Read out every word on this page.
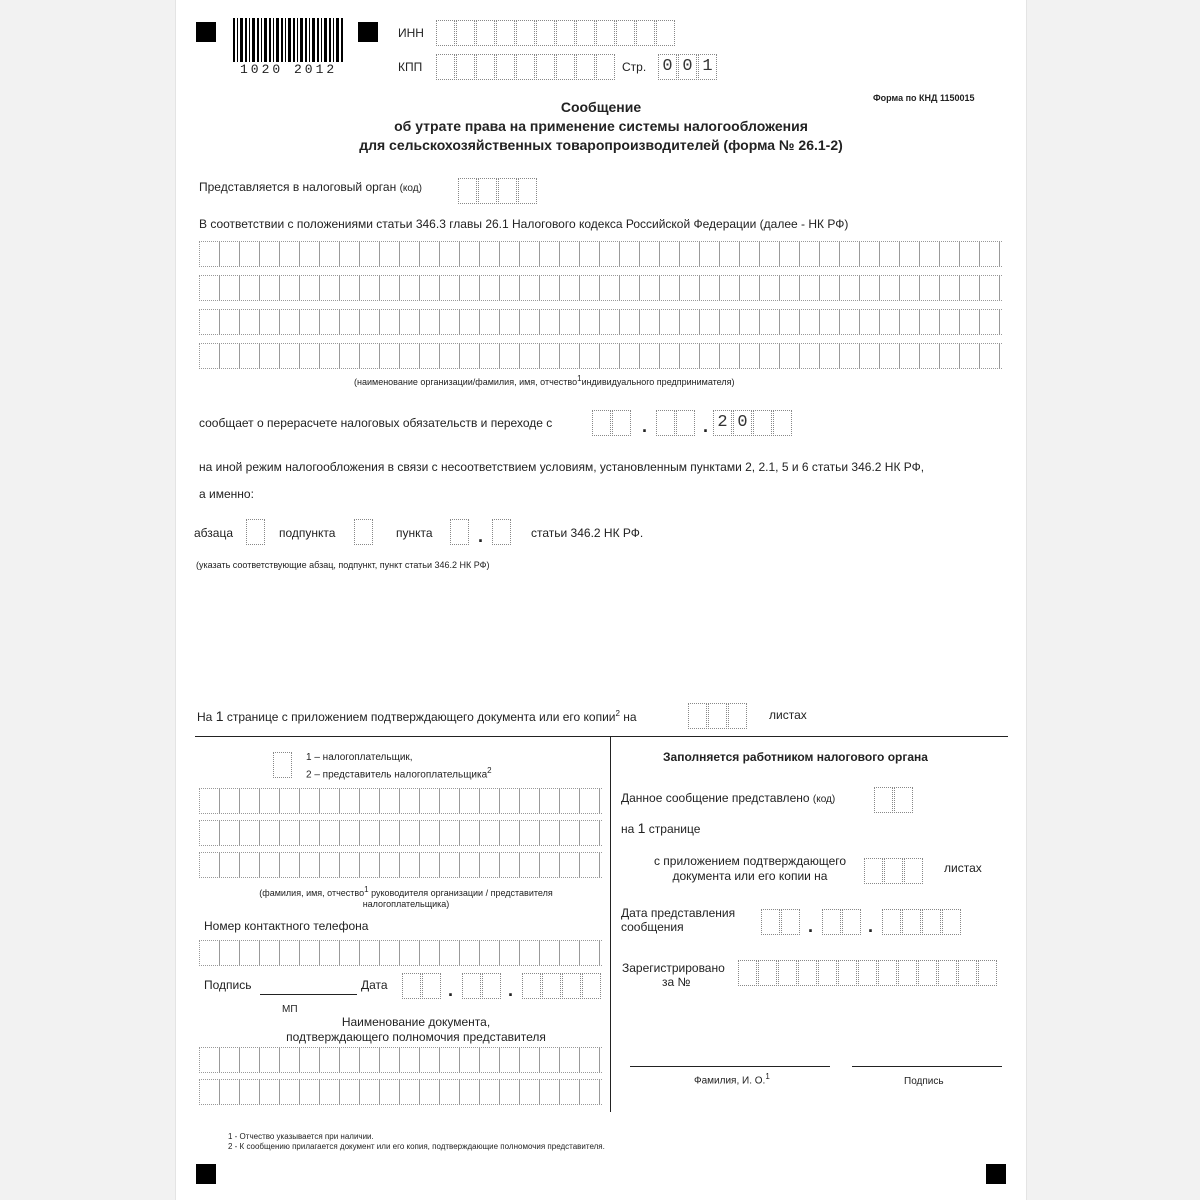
1020 2012
ИНН
КПП	Стр. 0 0 1
Форма по КНД 1150015
Сообщение
об утрате права на применение системы налогообложения
для сельскохозяйственных товаропроизводителей (форма № 26.1-2)
Представляется в налоговый орган (код)
В соответствии с положениями статьи 346.3 главы 26.1 Налогового кодекса Российской Федерации (далее - НК РФ)
(наименование организации/фамилия, имя, отчество$^1$индивидуального предпринимателя)
сообщает о перерасчете налоговых обязательств и переходе с	.	. 2 0
на иной режим налогообложения в связи с несоответствием условиям, установленным пунктами 2, 2.1, 5 и 6 статьи 346.2 НК РФ,
а именно:
абзаца	подпункта	пункта	.	статьи 346.2 НК РФ.
(указать соответствующие абзац, подпункт, пункт статьи 346.2 НК РФ)
На 1 странице с приложением подтверждающего документа или его копии$^2$ на	листах
1 – налогоплательщик,
2 – представитель налогоплательщика$^2$
(фамилия, имя, отчество$^1$ руководителя организации / представителя
налогоплательщика)
Номер контактного телефона
Подпись	Дата	.	.
МП
Наименование документа,
подтверждающего полномочия представителя
Заполняется работником налогового органа
Данное сообщение представлено (код)
на 1 странице
с приложением подтверждающего
документа или его копии на
листах
Дата представления
сообщения	.	.
Зарегистрировано
за №
Фамилия, И. О.$^1$	Подпись
1 - Отчество указывается при наличии.
2 - К сообщению прилагается документ или его копия, подтверждающие полномочия представителя.
